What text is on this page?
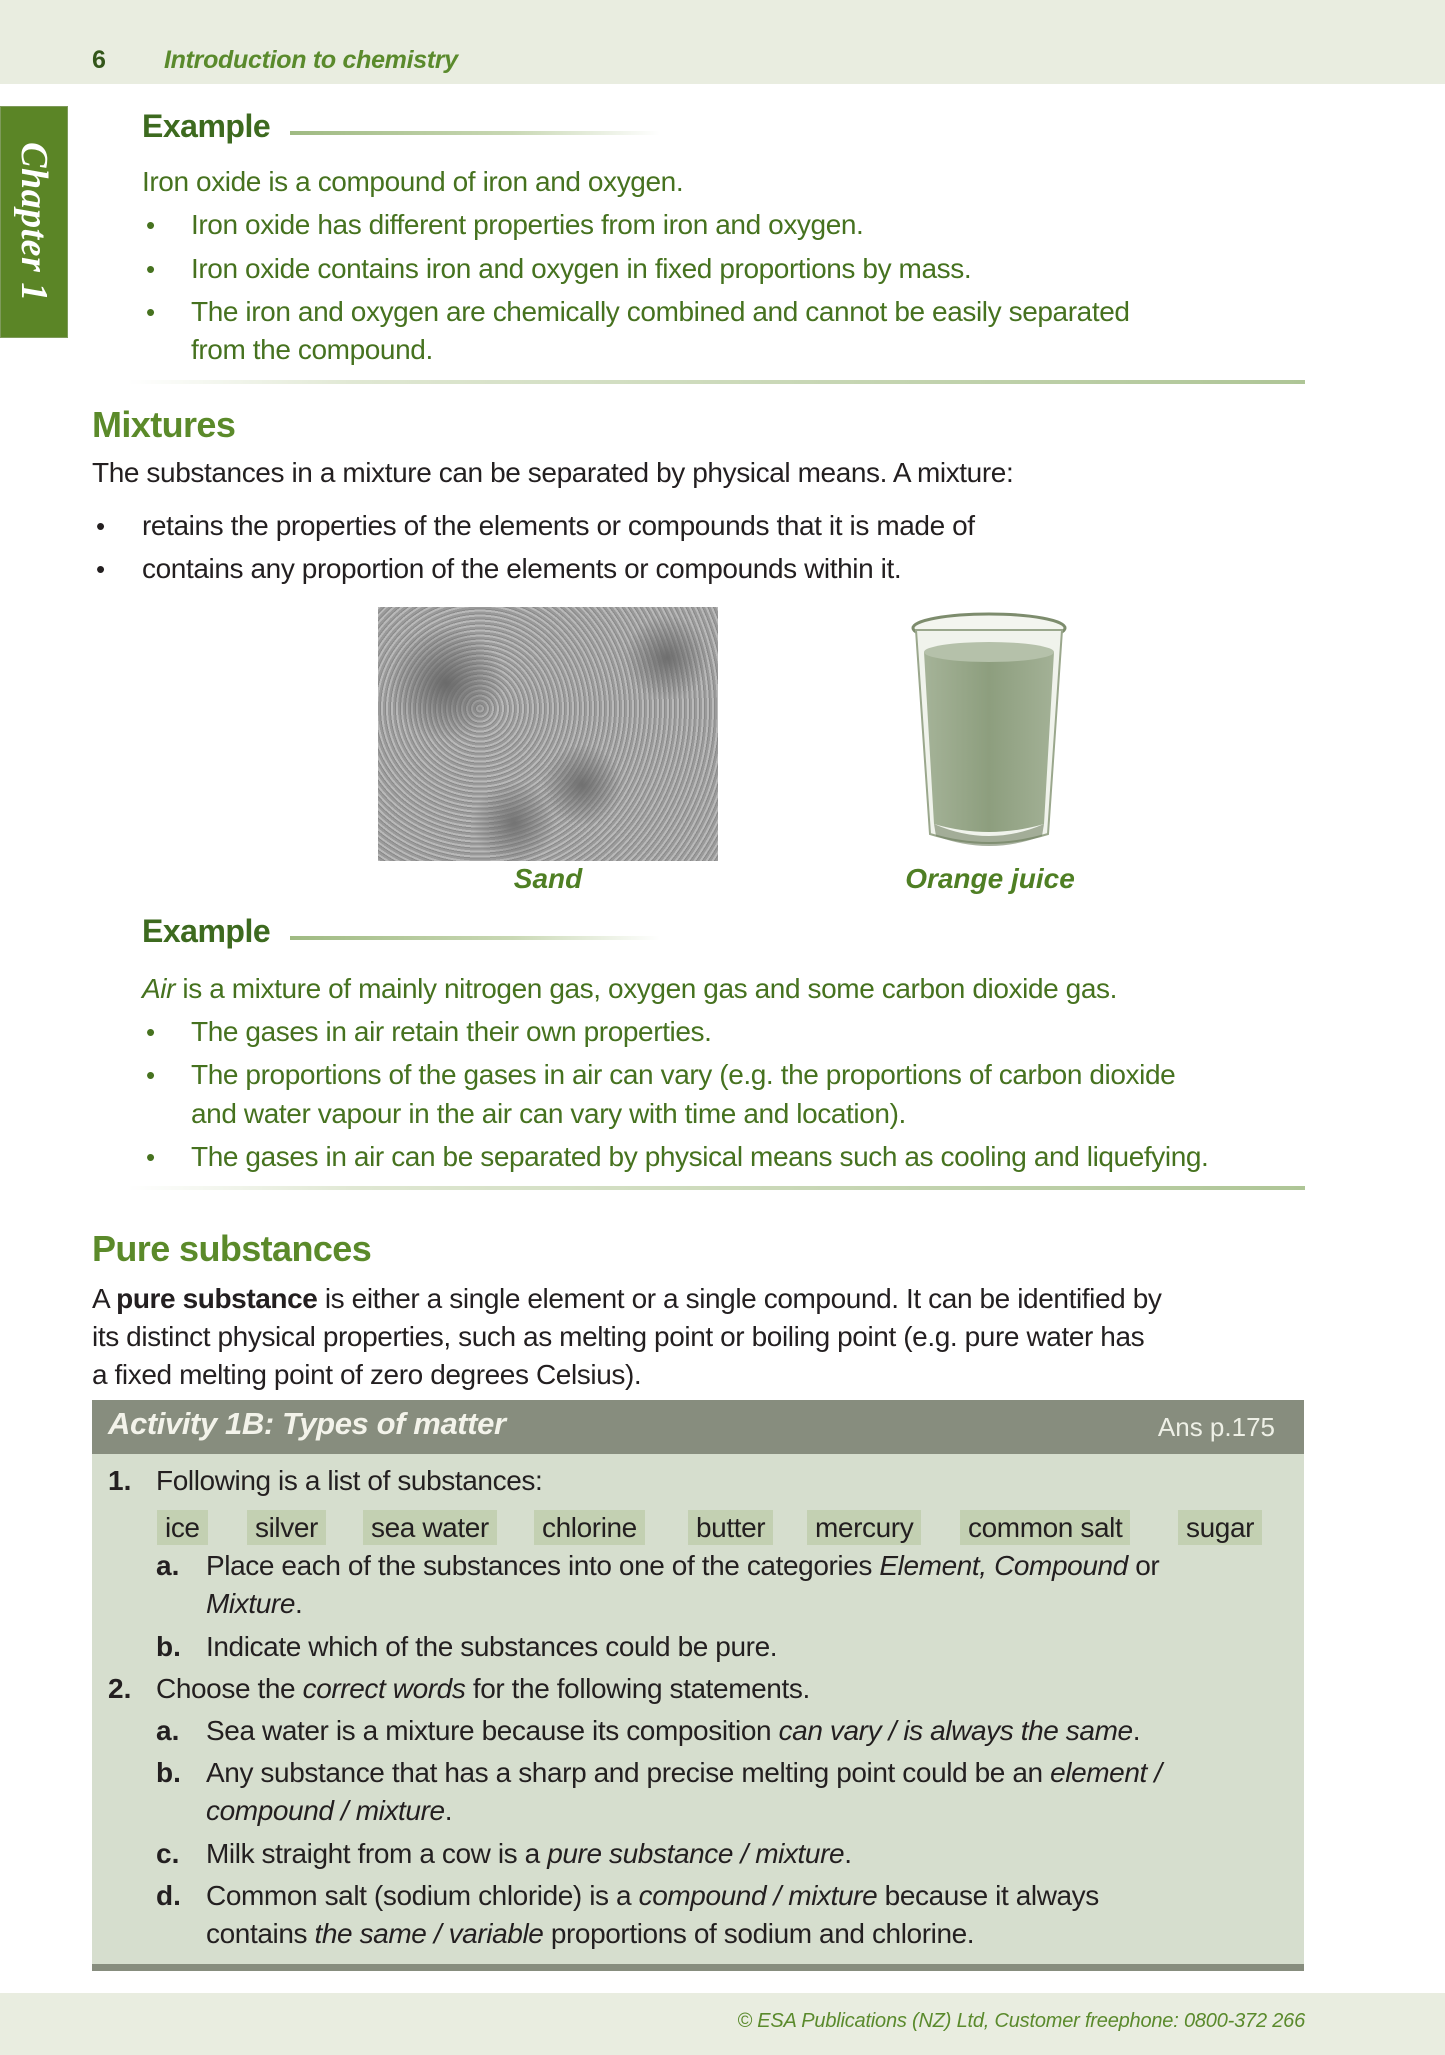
6 Introduction to chemistry
Chapter 1
Example
Iron oxide is a compound of iron and oxygen.
• Iron oxide has different properties from iron and oxygen.
• Iron oxide contains iron and oxygen in fixed proportions by mass.
• The iron and oxygen are chemically combined and cannot be easily separated
from the compound.
Mixtures
The substances in a mixture can be separated by physical means. A mixture:
• retains the properties of the elements or compounds that it is made of
• contains any proportion of the elements or compounds within it.
Sand	Orange juice
Example
Air is a mixture of mainly nitrogen gas, oxygen gas and some carbon dioxide gas.
• The gases in air retain their own properties.
• The proportions of the gases in air can vary (e.g. the proportions of carbon dioxide
and water vapour in the air can vary with time and location).
• The gases in air can be separated by physical means such as cooling and liquefying.
Pure substances
A pure substance is either a single element or a single compound. It can be identified by
its distinct physical properties, such as melting point or boiling point (e.g. pure water has
a fixed melting point of zero degrees Celsius).
Activity 1B: Types of matter	Ans p.175
1. Following is a list of substances:
ice silver sea water chlorine butter mercury common salt sugar
a. Place each of the substances into one of the categories Element, Compound or
Mixture.
b. Indicate which of the substances could be pure.
2. Choose the correct words for the following statements.
a. Sea water is a mixture because its composition can vary / is always the same.
b. Any substance that has a sharp and precise melting point could be an element /
compound / mixture.
c. Milk straight from a cow is a pure substance / mixture.
d. Common salt (sodium chloride) is a compound / mixture because it always
contains the same / variable proportions of sodium and chlorine.
© ESA Publications (NZ) Ltd, Customer freephone: 0800-372 266
